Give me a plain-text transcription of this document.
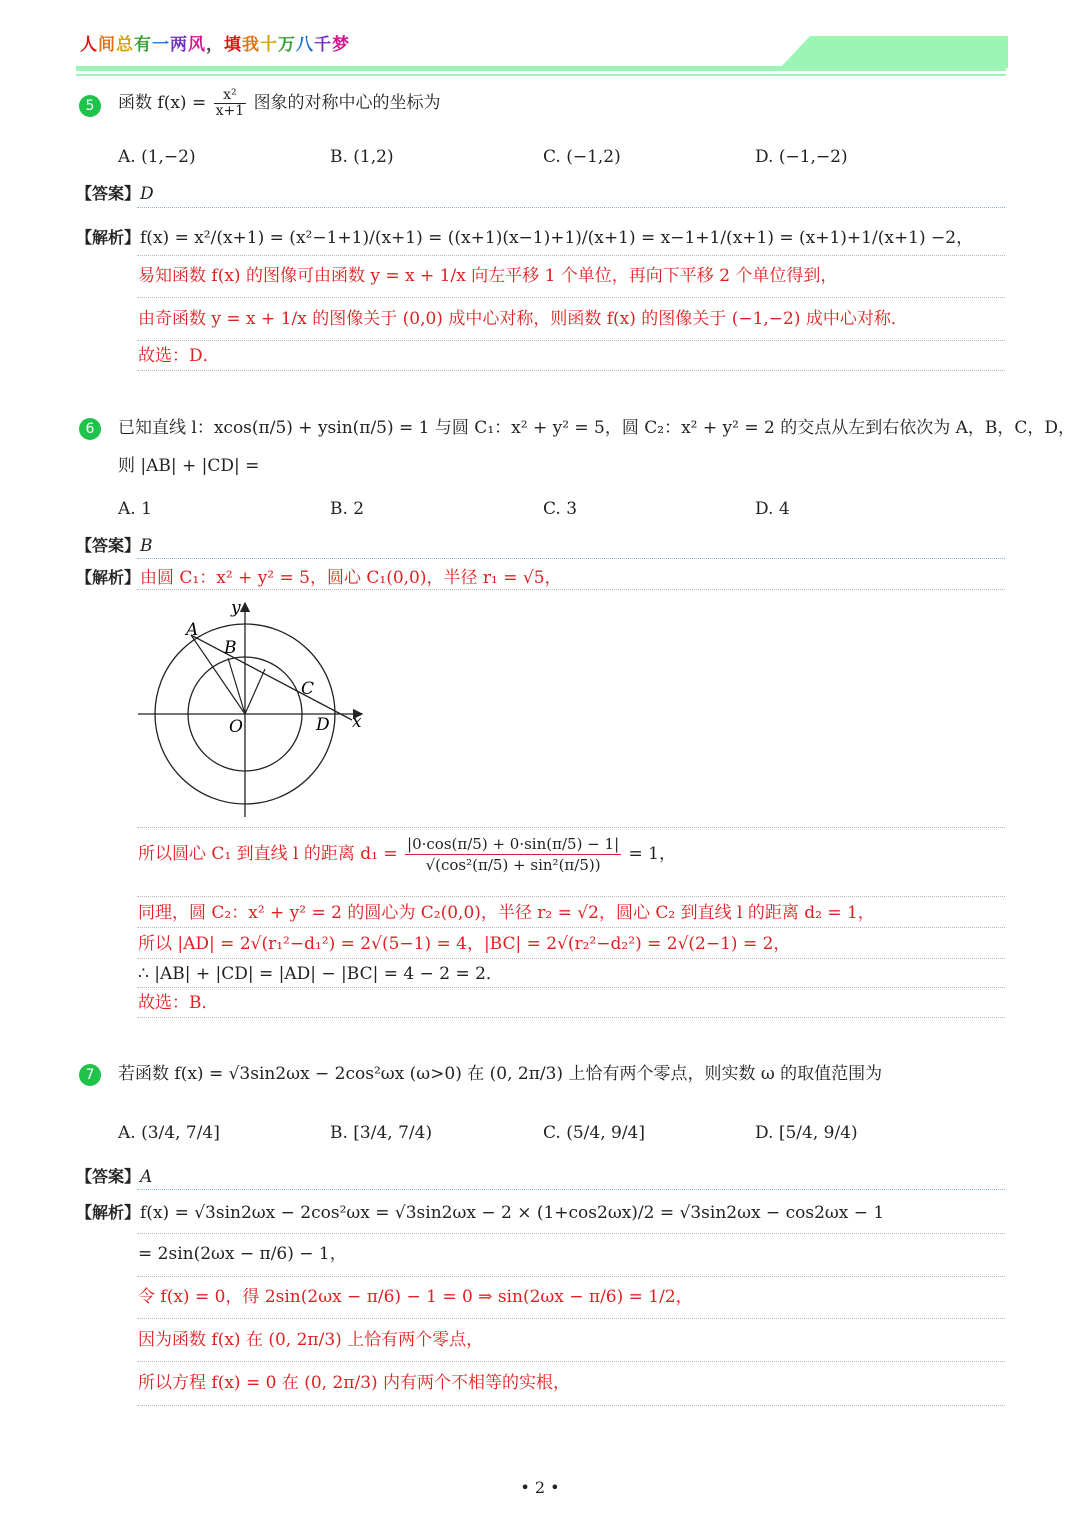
人间总有一两风，填我十万八千梦
5	函数 $f(x) = \frac{\text{x²}}{x+1}$ 图象的对称中心的坐标为
A. (1,−2)	B. (1,2)	C. (−1,2)	D. (−1,−2)
【答案】D
【解析】f(x) = x²/(x+1) = (x²−1+1)/(x+1) = ((x+1)(x−1)+1)/(x+1) = x−1+1/(x+1) = (x+1)+1/(x+1) −2，
易知函数 f(x) 的图像可由函数 y = x + 1/x 向左平移 1 个单位，再向下平移 2 个单位得到，
由奇函数 y = x + 1/x 的图像关于 (0,0) 成中心对称，则函数 f(x) 的图像关于 (−1,−2) 成中心对称．
故选：D．
6	已知直线 l：xcos(π/5) + ysin(π/5) = 1 与圆 C₁：x² + y² = 5，圆 C₂：x² + y² = 2 的交点从左到右依次为 A，B，C，D，
则 |AB| + |CD| =
A. 1	B. 2	C. 3	D. 4
【答案】B
【解析】由圆 C₁：x² + y² = 5，圆心 C₁(0,0)，半径 r₁ = √5，
A
B
C
D
O	x
y
所以圆心 C₁ 到直线 l 的距离 $d_1 = \frac{|0\cdot\cos(\pi/5) + 0\cdot\sin(\pi/5) - 1|}{\text{√(cos²(π/5) + sin²(π/5))}} = 1$，
同理，圆 C₂：x² + y² = 2 的圆心为 C₂(0,0)，半径 r₂ = √2，圆心 C₂ 到直线 l 的距离 d₂ = 1，
所以 |AD| = 2√(r₁²−d₁²) = 2√(5−1) = 4，|BC| = 2√(r₂²−d₂²) = 2√(2−1) = 2，
∴ |AB| + |CD| = |AD| − |BC| = 4 − 2 = 2．
故选：B．
7	若函数 f(x) = √3sin2ωx − 2cos²ωx (ω>0) 在 (0, 2π/3) 上恰有两个零点，则实数 ω 的取值范围为
A. (3/4, 7/4]	B. [3/4, 7/4)	C. (5/4, 9/4]	D. [5/4, 9/4)
【答案】A
【解析】f(x) = √3sin2ωx − 2cos²ωx = √3sin2ωx − 2 × (1+cos2ωx)/2 = √3sin2ωx − cos2ωx − 1
= 2sin(2ωx − π/6) − 1，
令 f(x) = 0，得 2sin(2ωx − π/6) − 1 = 0 ⇒ sin(2ωx − π/6) = 1/2，
因为函数 f(x) 在 (0, 2π/3) 上恰有两个零点，
所以方程 f(x) = 0 在 (0, 2π/3) 内有两个不相等的实根，
• 2 •
